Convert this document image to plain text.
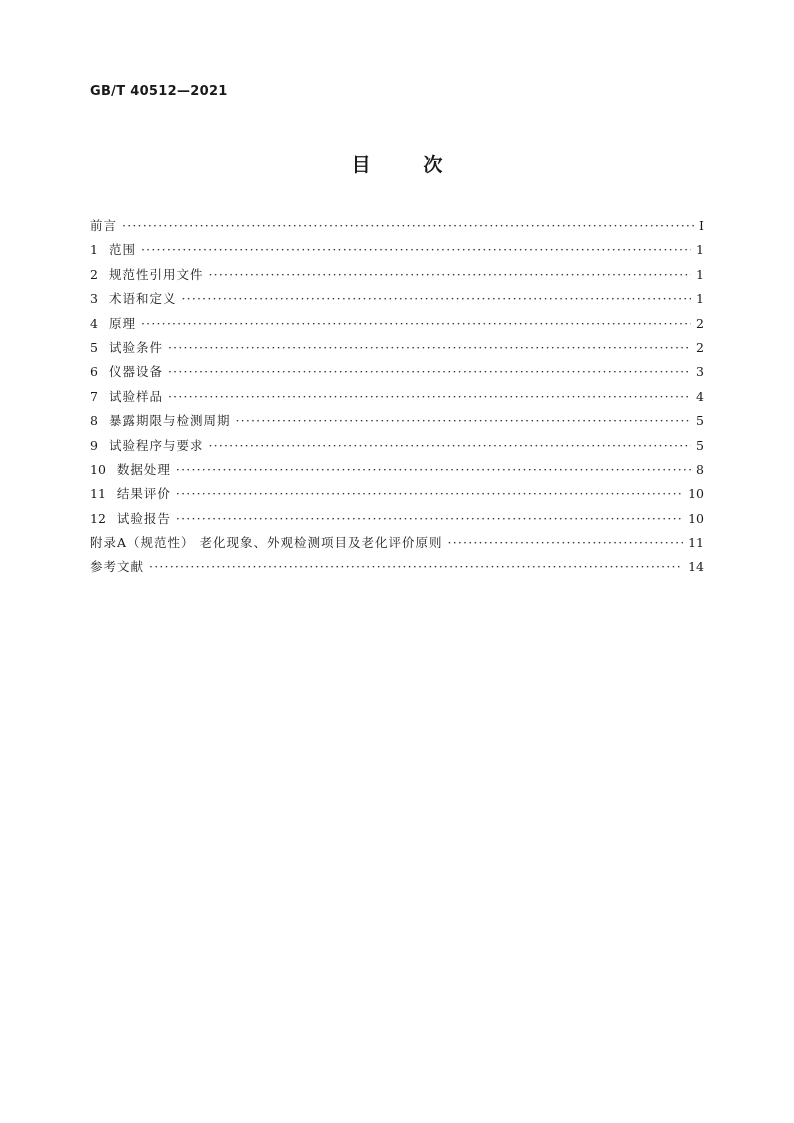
GB/T 40512—2021
目	次
前言 ·····	Ⅰ
1 范围 ·····	1
2 规范性引用文件 ·····	1
3 术语和定义 ·····	1
4 原理 ·····	2
5 试验条件 ·····	2
6 仪器设备 ·····	3
7 试验样品 ·····	4
8 暴露期限与检测周期 ·····	5
9 试验程序与要求 ·····	5
10 数据处理 ·····	8
11 结果评价 ·····	10
12 试验报告 ·····	10
附录A（规范性） 老化现象、外观检测项目及老化评价原则 ·····	11
参考文献 ·····	14
